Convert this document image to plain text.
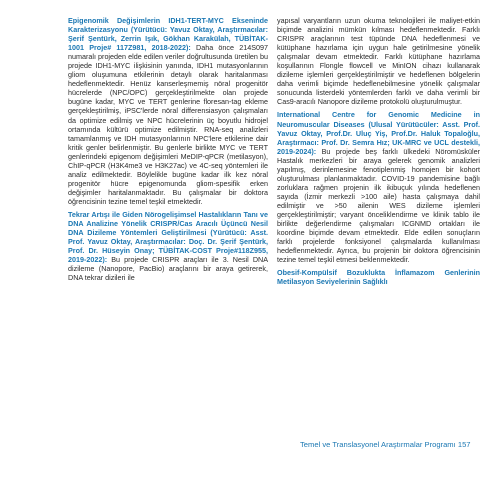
Epigenomik Değişimlerin IDH1-TERT-MYC Ekseninde Karakterizasyonu (Yürütücü: Yavuz Oktay, Araştırmacılar: Şerif Şentürk, Zerrin Işık, Gökhan Karakülah, TÜBİTAK-1001 Proje# 117Z981, 2018-2022): Daha önce 214S097 numaralı projeden elde edilen veriler doğrultusunda üretilen bu projede IDH1-MYC ilişkisinin yanında, IDH1 mutasyonlarının gliom oluşumuna etkilerinin detaylı olarak haritalanması hedeflenmektedir. Henüz kanserleşmemiş nöral progenitör hücrelerde (NPC/OPC) gerçekleştirilmekte olan projede bugüne kadar, MYC ve TERT genlerine floresan-tag ekleme gerçekleştirilmiş, iPSC'lerde nöral differensiasyon çalışmaları da optimize edilmiş ve NPC hücrelerinin üç boyutlu hidrojel ortamında kültürü optimize edilmiştir. RNA-seq analizleri tamamlanmış ve IDH mutasyonlarının NPC'lere etkilerine dair kritik genler belirlenmiştir. Bu genlerle birlikte MYC ve TERT genlerindeki epigenom değişimleri MeDIP-qPCR (metilasyon), ChIP-qPCR (H3K4me3 ve H3K27ac) ve 4C-seq yöntemleri ile analiz edilmektedir. Böylelikle bugüne kadar ilk kez nöral progenitör hücre epigenomunda gliom-spesifik erken değişimler haritalanmaktadır. Bu çalışmalar bir doktora öğrencisinin tezine temel teşkil etmektedir.

Tekrar Artışı ile Giden Nörogelişimsel Hastalıkların Tanı ve DNA Analizine Yönelik CRISPR/Cas Aracılı Üçüncü Nesil DNA Dizileme Yöntemleri Geliştirilmesi (Yürütücü: Asst. Prof. Yavuz Oktay, Araştırmacılar: Doç. Dr. Şerif Şentürk, Prof. Dr. Hüseyin Onay; TÜBİTAK-COST Proje#118Z955, 2019-2022): Bu projede CRISPR araçları ile 3. Nesil DNA dizileme (Nanopore, PacBio) araçlarını bir araya getirerek, DNA tekrar dizileri ile

yapısal varyantların uzun okuma teknolojileri ile maliyet-etkin biçimde analizini mümkün kılması hedeflenmektedir. Farklı CRISPR araçlarının test tüpünde DNA hedeflenmesi ve kütüphane hazırlama için uygun hale getirilmesine yönelik çalışmalar devam etmektedir. Farklı kütüphane hazırlama koşullarının Flongle flowcell ve MinION cihazı kullanarak dizileme işlemleri gerçekleştirilmiştir ve hedeflenen bölgelerin daha verimli biçimde hedeflenebilmesine yönelik çalışmalar sonucunda listerdeki yöntemlerden farklı ve daha verimli bir Cas9-aracılı Nanopore dizileme protokolü oluşturulmuştur.

International Centre for Genomic Medicine in Neuromuscular Diseases (Ulusal Yürütücüler: Asst. Prof. Yavuz Oktay, Prof.Dr. Uluç Yiş, Prof.Dr. Haluk Topaloğlu, Araştırmacı: Prof. Dr. Semra Hız; UK-MRC ve UCL destekli, 2019-2024): Bu projede beş farklı ülkedeki Nöromüsküler Hastalık merkezleri bir araya gelerek genomik analizleri yapılmış, derinlemesine fenotiplenmiş homojen bir kohort oluşturulması planlanmaktadır. COVID-19 pandemisine bağlı zorluklara rağmen projenin ilk ikibuçuk yılında hedeflenen sayıda (İzmir merkezli >100 aile) hasta çalışmaya dahil edilmiştir ve >50 ailenin WES dizileme işlemleri gerçekleştirilmiştir; varyant önceliklendirme ve klinik tablo ile birlikte değerlendirme çalışmaları ICGNMD ortakları ile koordine biçimde devam etmektedir. Elde edilen sonuçların farklı projelerde fonksiyonel çalışmalarda kullanılması hedeflenmektedir. Ayrıca, bu projenin bir doktora öğrencisinin tezine temel teşkil etmesi beklenmektedir.

Obesif-Kompülsif Bozuklukta İnflamazom Genlerinin Metilasyon Seviyelerinin Sağlıklı

Temel ve Translasyonel Araştırmalar Programı 157
